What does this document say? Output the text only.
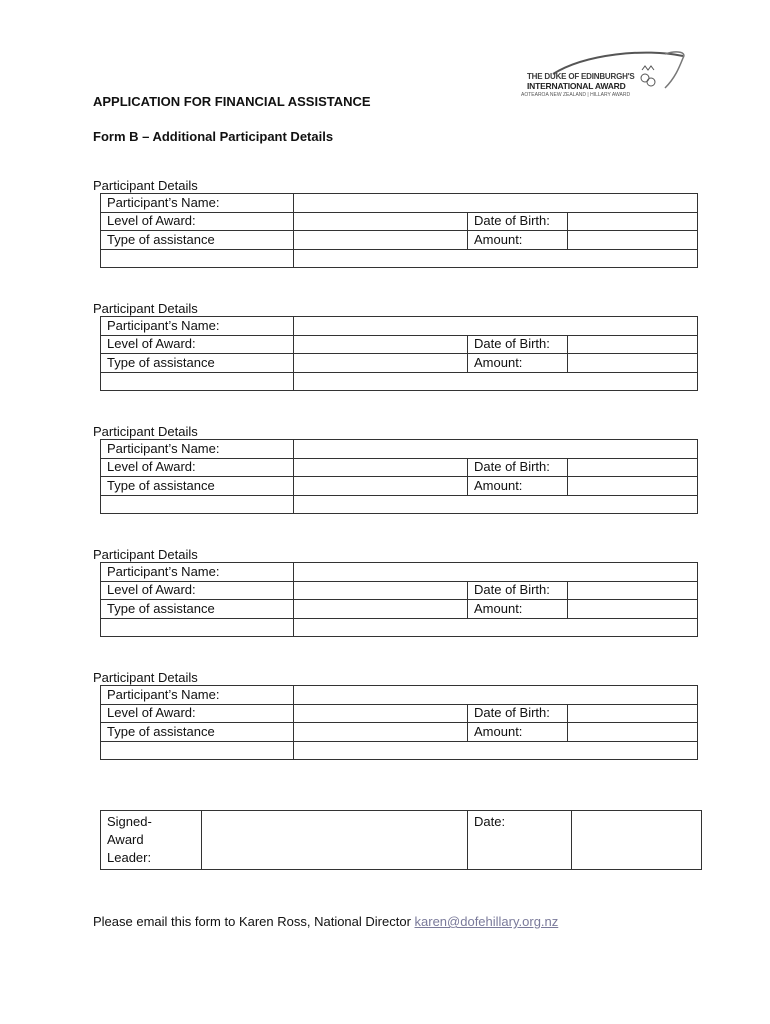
THE DUKE OF EDINBURGH'S
INTERNATIONAL AWARD
AOTEAROA NEW ZEALAND | HILLARY AWARD
APPLICATION FOR FINANCIAL ASSISTANCE
Form B – Additional Participant Details
Participant Details
Participant’s Name:			
Level of Award:		Date of Birth:	
Type of assistance		Amount:	

Participant Details
Participant’s Name:			
Level of Award:		Date of Birth:	
Type of assistance		Amount:	

Participant Details
Participant’s Name:			
Level of Award:		Date of Birth:	
Type of assistance		Amount:	

Participant Details
Participant’s Name:			
Level of Award:		Date of Birth:	
Type of assistance		Amount:	

Participant Details
Participant’s Name:			
Level of Award:		Date of Birth:	
Type of assistance		Amount:	

Signed-
Award
Leader:
		Date:	
Please email this form to Karen Ross, National Director karen@dofehillary.org.nz
